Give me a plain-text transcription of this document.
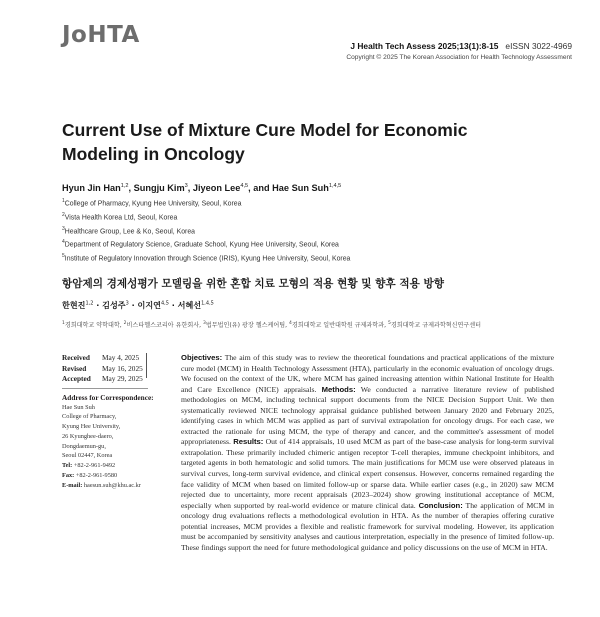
JoHTA	J Health Tech Assess 2025;13(1):8-15 eISSN 3022-4969
Copyright © 2025 The Korean Association for Health Technology Assessment
Current Use of Mixture Cure Model for Economic Modeling in Oncology
Hyun Jin Han$^{1,2}$, Sungju Kim$^3$, Jiyeon Lee$^{4,5}$, and Hae Sun Suh$^{1,4,5}$
$^1$College of Pharmacy, Kyung Hee University, Seoul, Korea
$^2$Vista Health Korea Ltd, Seoul, Korea
$^3$Healthcare Group, Lee & Ko, Seoul, Korea
$^4$Department of Regulatory Science, Graduate School, Kyung Hee University, Seoul, Korea
$^5$Institute of Regulatory Innovation through Science (IRIS), Kyung Hee University, Seoul, Korea
항암제의 경제성평가 모델링을 위한 혼합 치료 모형의 적용 현황 및 향후 적용 방향
한현진$^{1,2}$ · 김성주$^3$ · 이지연$^{4,5}$ · 서혜선$^{1,4,5}$
$^1$경희대학교 약학대학, $^2$비스타헬스코리아 유한회사, $^3$법무법인(유) 광장 헬스케어팀, $^4$경희대학교 일반대학원 규제과학과, $^5$경희대학교 규제과학혁신연구센터
Received May 4, 2025
Revised May 16, 2025
Accepted May 29, 2025
Address for Correspondence:
Hae Sun Suh
College of Pharmacy,
Kyung Hee University,
26 Kyunghee-daero,
Dongdaemun-gu,
Seoul 02447, Korea
Tel: +82-2-961-9492
Fax: +82-2-961-9580
E-mail: haesun.suh@khu.ac.kr
Objectives: The aim of this study was to review the theoretical foundations and practical applications of the mixture cure model (MCM) in Health Technology Assessment (HTA), particularly in the economic evaluation of oncology drugs. We focused on the context of the UK, where MCM has gained increasing attention within National Institute for Health and Care Excellence (NICE) appraisals. Methods: We conducted a narrative literature review of published methodologies on MCM, including technical support documents from the NICE Decision Support Unit. We then systematically reviewed NICE technology appraisal guidance published between January 2020 and February 2025, identifying cases in which MCM was applied as part of survival extrapolation for oncology drugs. For each case, we extracted the rationale for using MCM, the type of therapy and cancer, and the committee's assessment of model appropriateness. Results: Out of 414 appraisals, 10 used MCM as part of the base-case analysis for long-term survival extrapolation. These primarily included chimeric antigen receptor T-cell therapies, immune checkpoint inhibitors, and targeted agents in both hematologic and solid tumors. The main justifications for MCM use were observed plateaus in survival curves, long-term survival evidence, and clinical expert consensus. However, concerns remained regarding the face validity of MCM when based on limited follow-up or sparse data. While earlier cases (e.g., in 2020) saw MCM rejected due to uncertainty, more recent appraisals (2023–2024) show growing institutional acceptance of MCM, especially when supported by real-world evidence or mature clinical data. Conclusion: The application of MCM in oncology drug evaluations reflects a methodological evolution in HTA. As the number of therapies offering curative potential increases, MCM provides a flexible and realistic framework for survival modeling. However, its application must be accompanied by sensitivity analyses and cautious interpretation, especially in the presence of limited follow-up. These findings support the need for future methodological guidance and policy discussions on the use of MCM in HTA.
